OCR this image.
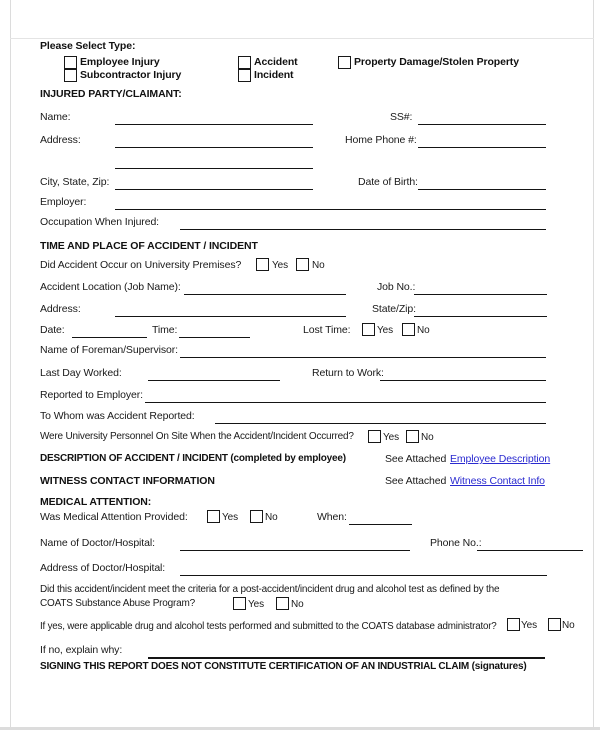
Please Select Type:
Employee Injury	Accident	Property Damage/Stolen Property
Subcontractor Injury	Incident
INJURED PARTY/CLAIMANT:
Name:	SS#:
Address:	Home Phone #:
City, State, Zip:	Date of Birth:
Employer:
Occupation When Injured:
TIME AND PLACE OF ACCIDENT / INCIDENT
Did Accident Occur on University Premises?	Yes No
Accident Location (Job Name):	Job No.:
Address:	State/Zip:
Date:	Time:	Lost Time:	Yes No
Name of Foreman/Supervisor:
Last Day Worked:	Return to Work:
Reported to Employer:
To Whom was Accident Reported:
Were University Personnel On Site When the Accident/Incident Occurred?	Yes No
DESCRIPTION OF ACCIDENT / INCIDENT (completed by employee)	See Attached Employee Description
WITNESS CONTACT INFORMATION	See Attached Witness Contact Info
MEDICAL ATTENTION:
Was Medical Attention Provided:	Yes	No	When:
Name of Doctor/Hospital:	Phone No.:
Address of Doctor/Hospital:
Did this accident/incident meet the criteria for a post-accident/incident drug and alcohol test as defined by the
COATS Substance Abuse Program?	Yes	No
If yes, were applicable drug and alcohol tests performed and submitted to the COATS database administrator? Yes No
If no, explain why:
SIGNING THIS REPORT DOES NOT CONSTITUTE CERTIFICATION OF AN INDUSTRIAL CLAIM (signatures)
